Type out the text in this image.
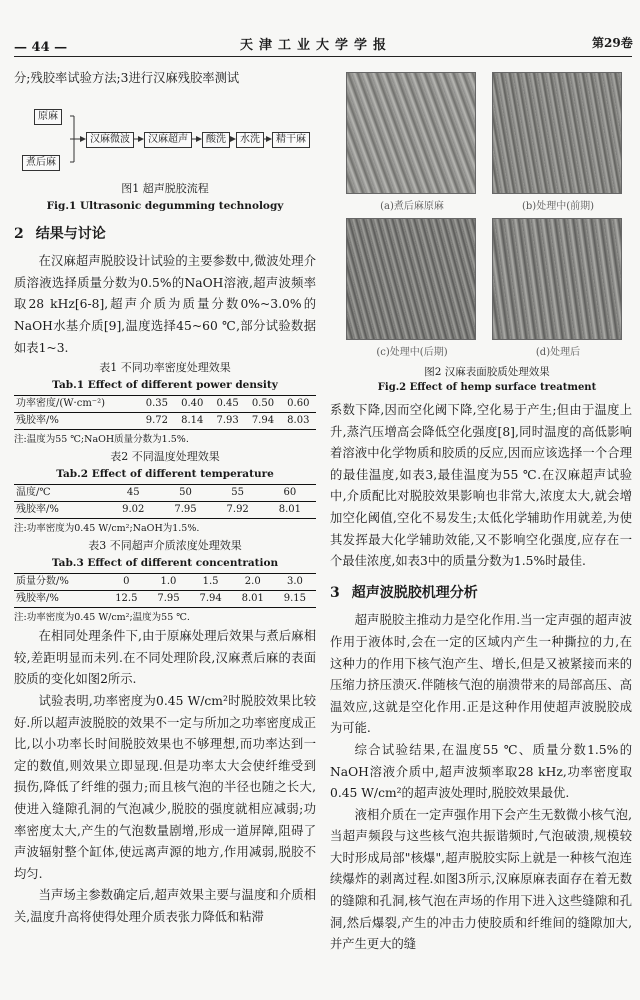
— 44 —	天津工业大学学报	第29卷

分;残胶率试验方法;3进行汉麻残胶率测试

原麻
煮后麻
汉麻微波	汉麻超声	酸洗	水洗	精干麻
图1 超声脱胶流程
Fig.1 Ultrasonic degumming technology
2 结果与讨论

在汉麻超声脱胶设计试验的主要参数中,微波处理介质溶液选择质量分数为0.5%的NaOH溶液,超声波频率取28 kHz[6-8],超声介质为质量分数0%~3.0%的NaOH水基介质[9],温度选择45~60 ℃,部分试验数据如表1~3.

表1 不同功率密度处理效果
Tab.1 Effect of different power density
功率密度/(W·cm⁻²)	0.35	0.40	0.45	0.50	0.60
残胶率/%	9.72	8.14	7.93	7.94	8.03
注:温度为55 ℃;NaOH质量分数为1.5%.
表2 不同温度处理效果
Tab.2 Effect of different temperature
温度/℃	45	50	55	60
残胶率/%	9.02	7.95	7.92	8.01
注:功率密度为0.45 W/cm²;NaOH为1.5%.
表3 不同超声介质浓度处理效果
Tab.3 Effect of different concentration
质量分数/%	0	1.0	1.5	2.0	3.0
残胶率/%	12.5	7.95	7.94	8.01	9.15
注:功率密度为0.45 W/cm²;温度为55 ℃.

在相同处理条件下,由于原麻处理后效果与煮后麻相较,差距明显而未列.在不同处理阶段,汉麻煮后麻的表面胶质的变化如图2所示.

试验表明,功率密度为0.45 W/cm²时脱胶效果比较好.所以超声波脱胶的效果不一定与所加之功率密度成正比,以小功率长时间脱胶效果也不够理想,而功率达到一定的数值,则效果立即显现.但是功率太大会使纤维受到损伤,降低了纤维的强力;而且核气泡的半径也随之长大,使进入缝隙孔洞的气泡减少,脱胶的强度就相应减弱;功率密度太大,产生的气泡数量剧增,形成一道屏障,阻碍了声波辐射整个缸体,使远离声源的地方,作用减弱,脱胶不均匀.

当声场主参数确定后,超声效果主要与温度和介质相关,温度升高将使得处理介质表张力降低和粘滞

(a)煮后麻原麻	(b)处理中(前期)
(c)处理中(后期)	(d)处理后
图2 汉麻表面胶质处理效果
Fig.2 Effect of hemp surface treatment

系数下降,因而空化阈下降,空化易于产生;但由于温度上升,蒸汽压增高会降低空化强度[8],同时温度的高低影响着溶液中化学物质和胶质的反应,因而应该选择一个合理的最佳温度,如表3,最佳温度为55 ℃.在汉麻超声试验中,介质配比对脱胶效果影响也非常大,浓度太大,就会增加空化阈值,空化不易发生;太低化学辅助作用就差,为使其发挥最大化学辅助效能,又不影响空化强度,应存在一个最佳浓度,如表3中的质量分数为1.5%时最佳.

3 超声波脱胶机理分析

超声脱胶主推动力是空化作用.当一定声强的超声波作用于液体时,会在一定的区域内产生一种撕拉的力,在这种力的作用下核气泡产生、增长,但是又被紧接而来的压缩力挤压溃灭.伴随核气泡的崩溃带来的局部高压、高温效应,这就是空化作用.正是这种作用使超声波脱胶成为可能.

综合试验结果,在温度55 ℃、质量分数1.5%的NaOH溶液介质中,超声波频率取28 kHz,功率密度取0.45 W/cm²的超声波处理时,脱胶效果最优.

液相介质在一定声强作用下会产生无数微小核气泡,当超声频段与这些核气泡共振谐频时,气泡破溃,规模较大时形成局部"核爆",超声脱胶实际上就是一种核气泡连续爆炸的剥离过程.如图3所示,汉麻原麻表面存在着无数的缝隙和孔洞,核气泡在声场的作用下进入这些缝隙和孔洞,然后爆裂,产生的冲击力使胶质和纤维间的缝隙加大,并产生更大的缝
